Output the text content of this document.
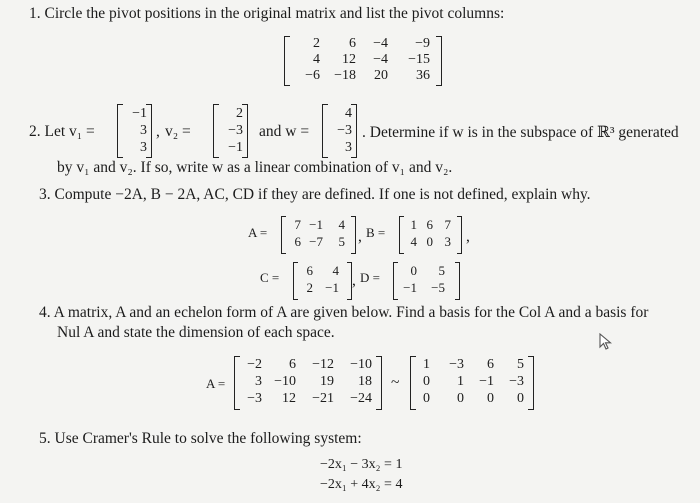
1. Circle the pivot positions in the original matrix and list the pivot columns:
2	6	−4	−9
4	12	−4	−15
−6 −18	20	36
2. Let v₁ =
−1
3
3
, v₂ =
2
−3
−1
and w =
4
−3
3
. Determine if w is in the subspace of ℝ³ generated
by v₁ and v₂. If so, write w as a linear combination of v₁ and v₂.
3. Compute −2A, B − 2A, AC, CD if they are defined. If one is not defined, explain why.
A =
7 −1	4
6 −7	5 , B =
1 6 7
4 0 3 ,
C =	6	4
2 −1 , D =	0	5
−1	−5
4. A matrix, A and an echelon form of A are given below. Find a basis for the Col A and a basis for
Nul A and state the dimension of each space.
A =
−2	6	−12	−10
3 −10	19	18
−3	12	−21	−24
~
1	−3	6	5
0	1	−1	−3
0	0	0	0
5. Use Cramer's Rule to solve the following system:
−2x₁ − 3x₂ = 1
−2x₁ + 4x₂ = 4
